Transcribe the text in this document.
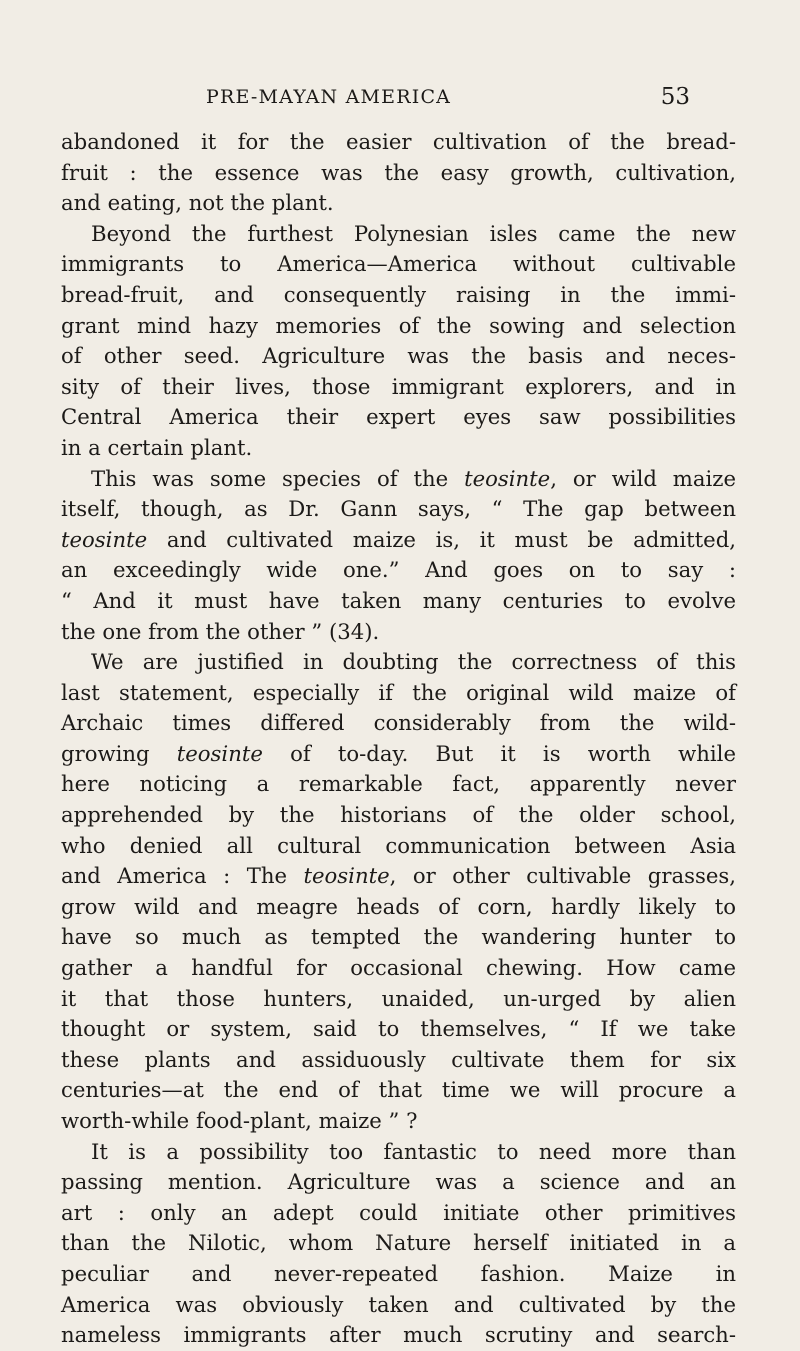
PRE-MAYAN AMERICA	53
abandoned it for the easier cultivation of the bread-
fruit : the essence was the easy growth, cultivation,
and eating, not the plant.
Beyond the furthest Polynesian isles came the new
immigrants to America—America without cultivable
bread-fruit, and consequently raising in the immi-
grant mind hazy memories of the sowing and selection
of other seed. Agriculture was the basis and neces-
sity of their lives, those immigrant explorers, and in
Central America their expert eyes saw possibilities
in a certain plant.
This was some species of the teosinte, or wild maize
itself, though, as Dr. Gann says, “ The gap between
teosinte and cultivated maize is, it must be admitted,
an exceedingly wide one.” And goes on to say :
“ And it must have taken many centuries to evolve
the one from the other ” (34).
We are justified in doubting the correctness of this
last statement, especially if the original wild maize of
Archaic times differed considerably from the wild-
growing teosinte of to-day. But it is worth while
here noticing a remarkable fact, apparently never
apprehended by the historians of the older school,
who denied all cultural communication between Asia
and America : The teosinte, or other cultivable grasses,
grow wild and meagre heads of corn, hardly likely to
have so much as tempted the wandering hunter to
gather a handful for occasional chewing. How came
it that those hunters, unaided, un-urged by alien
thought or system, said to themselves, “ If we take
these plants and assiduously cultivate them for six
centuries—at the end of that time we will procure a
worth-while food-plant, maize ” ?
It is a possibility too fantastic to need more than
passing mention. Agriculture was a science and an
art : only an adept could initiate other primitives
than the Nilotic, whom Nature herself initiated in a
peculiar and never-repeated fashion. Maize in
America was obviously taken and cultivated by the
nameless immigrants after much scrutiny and search-
